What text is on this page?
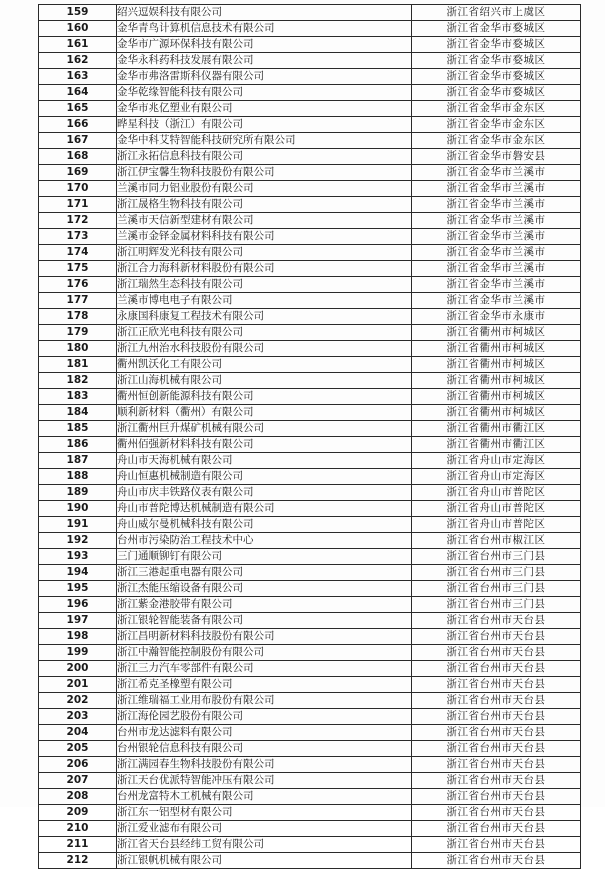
159	绍兴逗娱科技有限公司	浙江省绍兴市上虞区
160	金华青鸟计算机信息技术有限公司	浙江省金华市婺城区
161	金华市广源环保科技有限公司	浙江省金华市婺城区
162	金华永科药科技发展有限公司	浙江省金华市婺城区
163	金华市弗洛雷斯科仪器有限公司	浙江省金华市婺城区
164	金华乾缘智能科技有限公司	浙江省金华市婺城区
165	金华市兆亿塑业有限公司	浙江省金华市金东区
166	晔星科技（浙江）有限公司	浙江省金华市金东区
167	金华中科艾特智能科技研究所有限公司	浙江省金华市金东区
168	浙江永拓信息科技有限公司	浙江省金华市磐安县
169	浙江伊宝馨生物科技股份有限公司	浙江省金华市兰溪市
170	兰溪市同力铝业股份有限公司	浙江省金华市兰溪市
171	浙江晟格生物科技有限公司	浙江省金华市兰溪市
172	兰溪市天信新型建材有限公司	浙江省金华市兰溪市
173	兰溪市金铎金属材料科技有限公司	浙江省金华市兰溪市
174	浙江明辉发光科技有限公司	浙江省金华市兰溪市
175	浙江合力海科新材料股份有限公司	浙江省金华市兰溪市
176	浙江瑞然生态科技有限公司	浙江省金华市兰溪市
177	兰溪市博电电子有限公司	浙江省金华市兰溪市
178	永康国科康复工程技术有限公司	浙江省金华市永康市
179	浙江正欣光电科技有限公司	浙江省衢州市柯城区
180	浙江九州治水科技股份有限公司	浙江省衢州市柯城区
181	衢州凯沃化工有限公司	浙江省衢州市柯城区
182	浙江山海机械有限公司	浙江省衢州市柯城区
183	衢州恒创新能源科技有限公司	浙江省衢州市柯城区
184	顺利新材料（衢州）有限公司	浙江省衢州市柯城区
185	浙江衢州巨升煤矿机械有限公司	浙江省衢州市衢江区
186	衢州佰强新材料科技有限公司	浙江省衢州市衢江区
187	舟山市天海机械有限公司	浙江省舟山市定海区
188	舟山恒惠机械制造有限公司	浙江省舟山市定海区
189	舟山市庆丰铁路仪表有限公司	浙江省舟山市普陀区
190	舟山市普陀博达机械制造有限公司	浙江省舟山市普陀区
191	舟山威尔曼机械科技有限公司	浙江省舟山市普陀区
192	台州市污染防治工程技术中心	浙江省台州市椒江区
193	三门通顺铆钉有限公司	浙江省台州市三门县
194	浙江三港起重电器有限公司	浙江省台州市三门县
195	浙江杰能压缩设备有限公司	浙江省台州市三门县
196	浙江紫金港胶带有限公司	浙江省台州市三门县
197	浙江银轮智能装备有限公司	浙江省台州市天台县
198	浙江昌明新材料科技股份有限公司	浙江省台州市天台县
199	浙江中瀚智能控制股份有限公司	浙江省台州市天台县
200	浙江三力汽车零部件有限公司	浙江省台州市天台县
201	浙江希克圣橡塑有限公司	浙江省台州市天台县
202	浙江维瑞福工业用布股份有限公司	浙江省台州市天台县
203	浙江海伦园艺股份有限公司	浙江省台州市天台县
204	台州市龙达滤料有限公司	浙江省台州市天台县
205	台州银轮信息科技有限公司	浙江省台州市天台县
206	浙江满园春生物科技股份有限公司	浙江省台州市天台县
207	浙江天台优派特智能冲压有限公司	浙江省台州市天台县
208	台州龙富特木工机械有限公司	浙江省台州市天台县
209	浙江东一铝型材有限公司	浙江省台州市天台县
210	浙江爱业滤布有限公司	浙江省台州市天台县
211	浙江省天台县经纬工贸有限公司	浙江省台州市天台县
212	浙江银帆机械有限公司	浙江省台州市天台县
